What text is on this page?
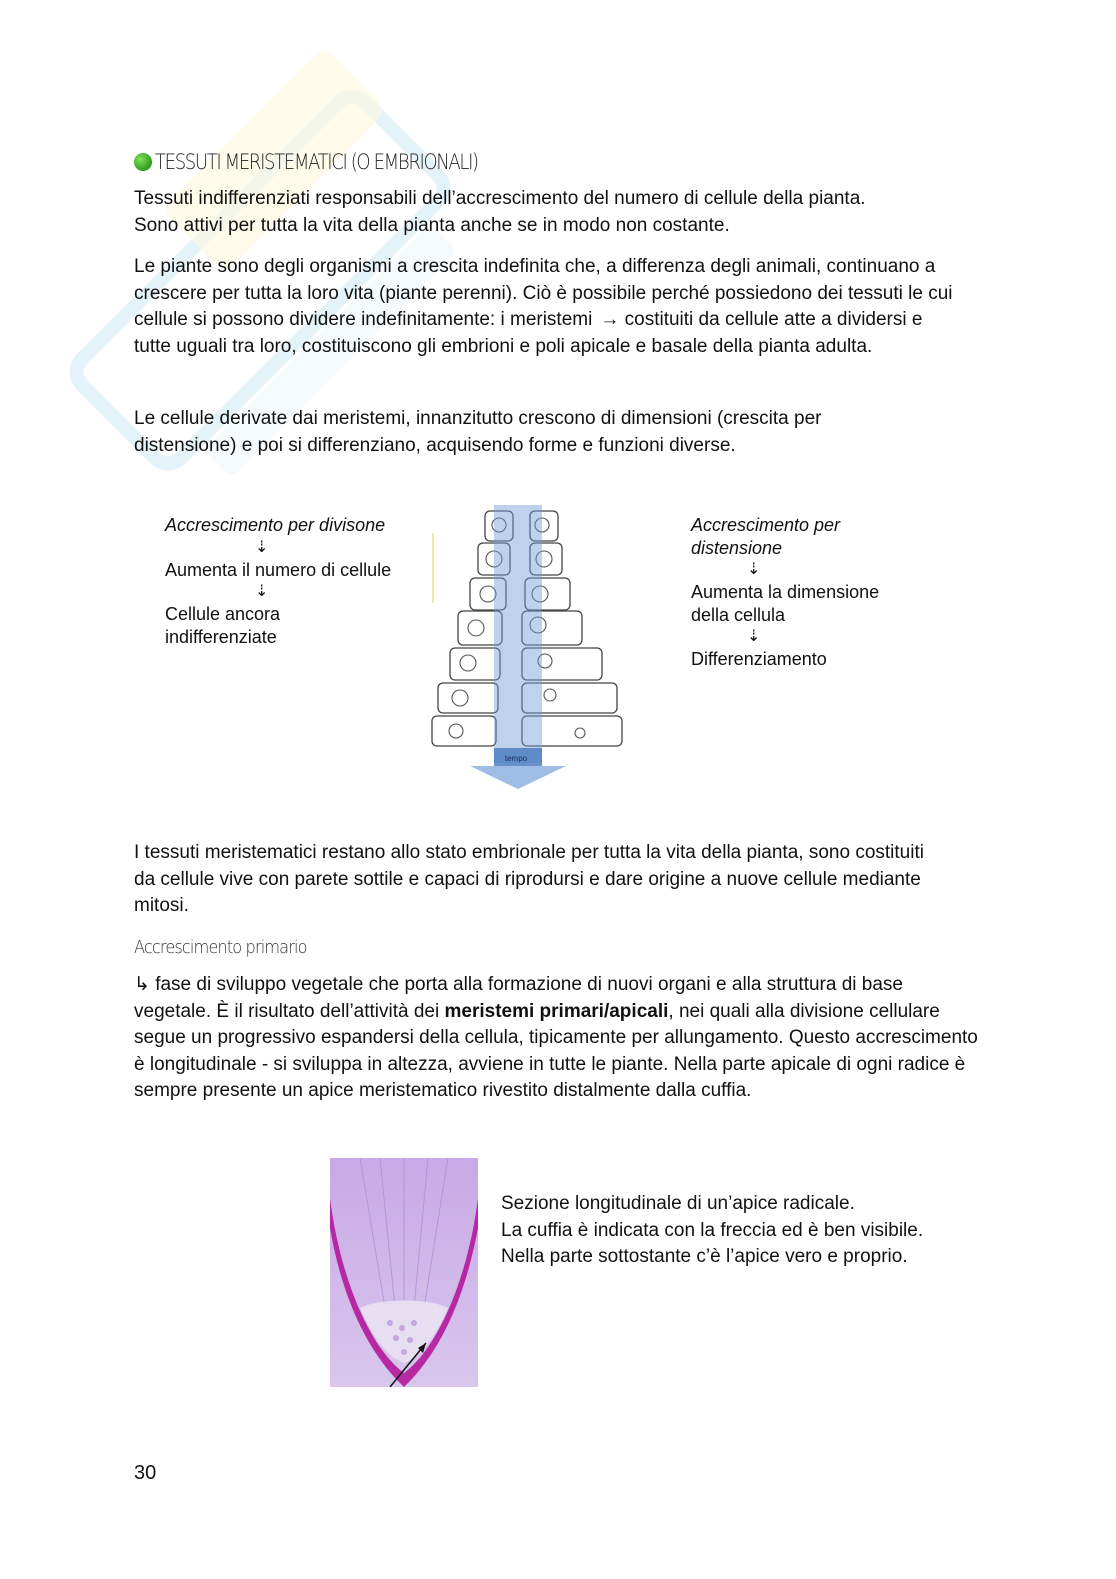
TESSUTI MERISTEMATICI (O EMBRIONALI)

Tessuti indifferenziati responsabili dell’accrescimento del numero di cellule della pianta.
Sono attivi per tutta la vita della pianta anche se in modo non costante.

Le piante sono degli organismi a crescita indefinita che, a differenza degli animali, continuano a crescere per tutta la loro vita (piante perenni). Ciò è possibile perché possiedono dei tessuti le cui cellule si possono dividere indefinitamente: i meristemi → costituiti da cellule atte a dividersi e tutte uguali tra loro, costituiscono gli embrioni e poli apicale e basale della pianta adulta.

Le cellule derivate dai meristemi, innanzitutto crescono di dimensioni (crescita per distensione) e poi si differenziano, acquisendo forme e funzioni diverse.

Accrescimento per divisone
⇣
Aumenta il numero di cellule
⇣
Cellule ancora indifferenziate
Accrescimento per distensione
⇣
Aumenta la dimensione della cellula
⇣
Differenziamento
tempo

I tessuti meristematici restano allo stato embrionale per tutta la vita della pianta, sono costituiti da cellule vive con parete sottile e capaci di riprodursi e dare origine a nuove cellule mediante mitosi.

Accrescimento primario

↳ fase di sviluppo vegetale che porta alla formazione di nuovi organi e alla struttura di base vegetale. È il risultato dell’attività dei meristemi primari/apicali, nei quali alla divisione cellulare segue un progressivo espandersi della cellula, tipicamente per allungamento. Questo accrescimento è longitudinale - si sviluppa in altezza, avviene in tutte le piante. Nella parte apicale di ogni radice è sempre presente un apice meristematico rivestito distalmente dalla cuffia.

Sezione longitudinale di un’apice radicale.
La cuffia è indicata con la freccia ed è ben visibile.
Nella parte sottostante c’è l’apice vero e proprio.

30
